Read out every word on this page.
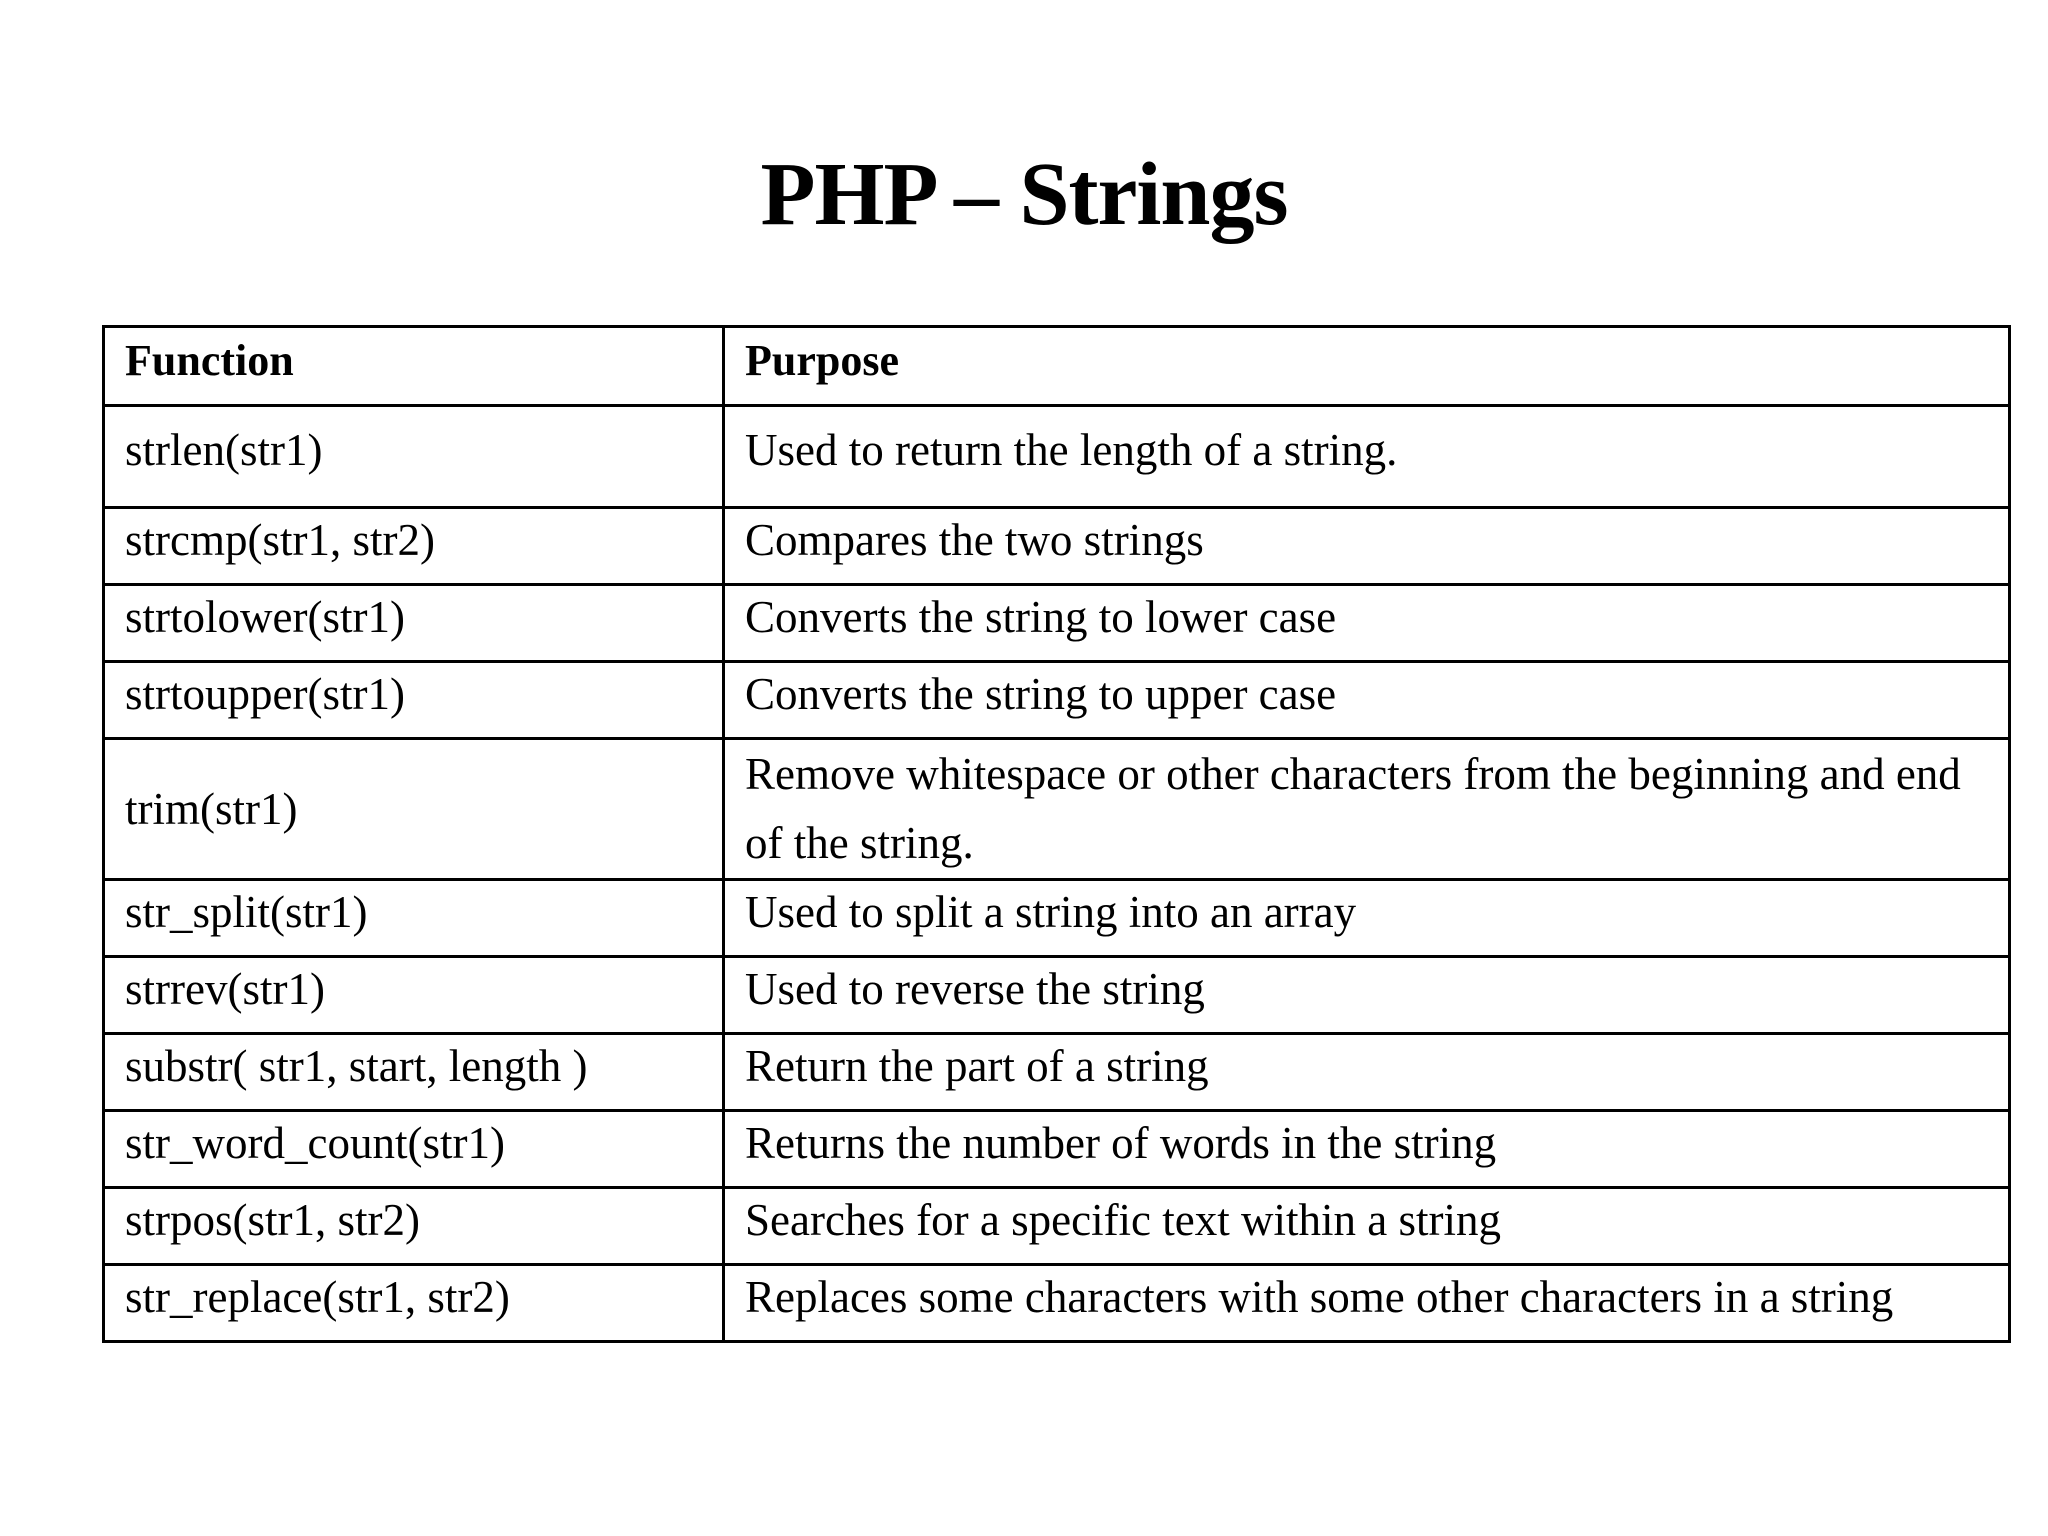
PHP – Strings
Function	Purpose
strlen(str1)	Used to return the length of a string.
strcmp(str1, str2)	Compares the two strings
strtolower(str1)	Converts the string to lower case
strtoupper(str1)	Converts the string to upper case
trim(str1)	Remove whitespace or other characters from the beginning and end of the string.
str_split(str1)	Used to split a string into an array
strrev(str1)	Used to reverse the string
substr( str1, start, length )	Return the part of a string
str_word_count(str1)	Returns the number of words in the string
strpos(str1, str2)	Searches for a specific text within a string
str_replace(str1, str2)	Replaces some characters with some other characters in a string
